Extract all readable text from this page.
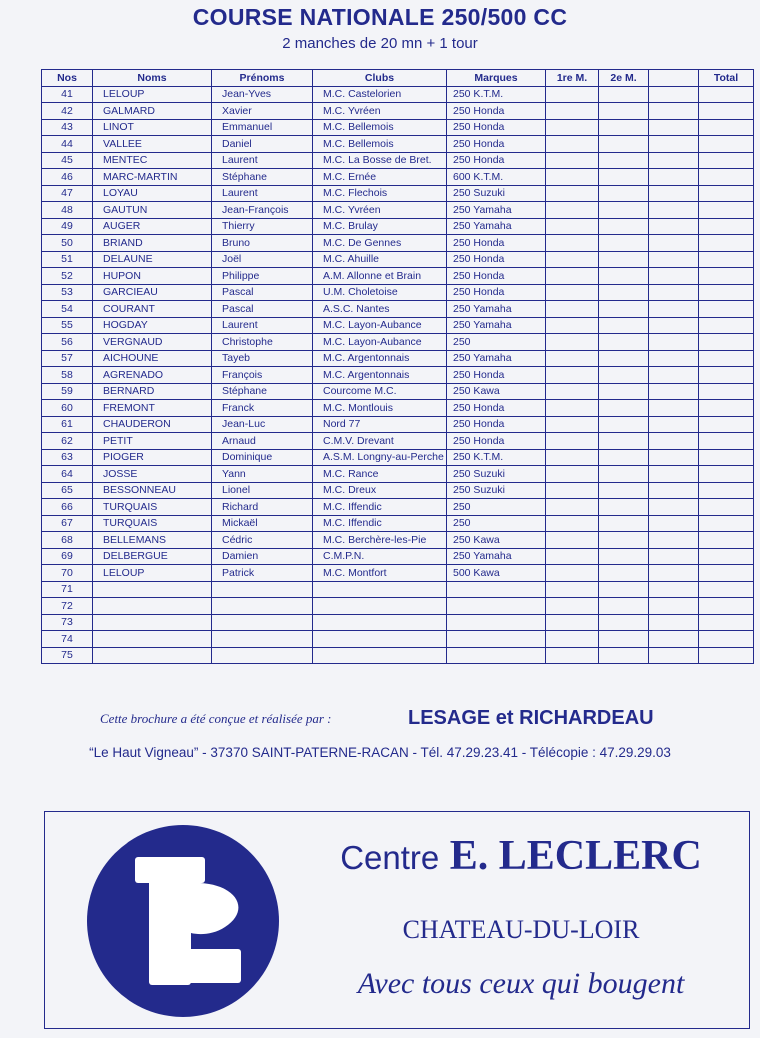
COURSE NATIONALE 250/500 CC
2 manches de 20 mn + 1 tour
Nos	Noms	Prénoms	Clubs	Marques	1re M.	2e M.		Total
41	LELOUP	Jean-Yves	M.C. Castelorien	250 K.T.M.				
42	GALMARD	Xavier	M.C. Yvréen	250 Honda				
43	LINOT	Emmanuel	M.C. Bellemois	250 Honda				
44	VALLEE	Daniel	M.C. Bellemois	250 Honda				
45	MENTEC	Laurent	M.C. La Bosse de Bret.	250 Honda				
46	MARC-MARTIN	Stéphane	M.C. Ernée	600 K.T.M.				
47	LOYAU	Laurent	M.C. Flechois	250 Suzuki				
48	GAUTUN	Jean-François	M.C. Yvréen	250 Yamaha				
49	AUGER	Thierry	M.C. Brulay	250 Yamaha				
50	BRIAND	Bruno	M.C. De Gennes	250 Honda				
51	DELAUNE	Joël	M.C. Ahuille	250 Honda				
52	HUPON	Philippe	A.M. Allonne et Brain	250 Honda				
53	GARCIEAU	Pascal	U.M. Choletoise	250 Honda				
54	COURANT	Pascal	A.S.C. Nantes	250 Yamaha				
55	HOGDAY	Laurent	M.C. Layon-Aubance	250 Yamaha				
56	VERGNAUD	Christophe	M.C. Layon-Aubance	250				
57	AICHOUNE	Tayeb	M.C. Argentonnais	250 Yamaha				
58	AGRENADO	François	M.C. Argentonnais	250 Honda				
59	BERNARD	Stéphane	Courcome M.C.	250 Kawa				
60	FREMONT	Franck	M.C. Montlouis	250 Honda				
61	CHAUDERON	Jean-Luc	Nord 77	250 Honda				
62	PETIT	Arnaud	C.M.V. Drevant	250 Honda				
63	PIOGER	Dominique	A.S.M. Longny-au-Perche	250 K.T.M.				
64	JOSSE	Yann	M.C. Rance	250 Suzuki				
65	BESSONNEAU	Lionel	M.C. Dreux	250 Suzuki				
66	TURQUAIS	Richard	M.C. Iffendic	250				
67	TURQUAIS	Mickaël	M.C. Iffendic	250				
68	BELLEMANS	Cédric	M.C. Berchère-les-Pie	250 Kawa				
69	DELBERGUE	Damien	C.M.P.N.	250 Yamaha				
70	LELOUP	Patrick	M.C. Montfort	500 Kawa				
71								
72								
73								
74								
75								
Cette brochure a été conçue et réalisée par :	LESAGE et RICHARDEAU
“Le Haut Vigneau” - 37370 SAINT-PATERNE-RACAN - Tél. 47.29.23.41 - Télécopie : 47.29.29.03
Centre E. LECLERC
CHATEAU-DU-LOIR
Avec tous ceux qui bougent
